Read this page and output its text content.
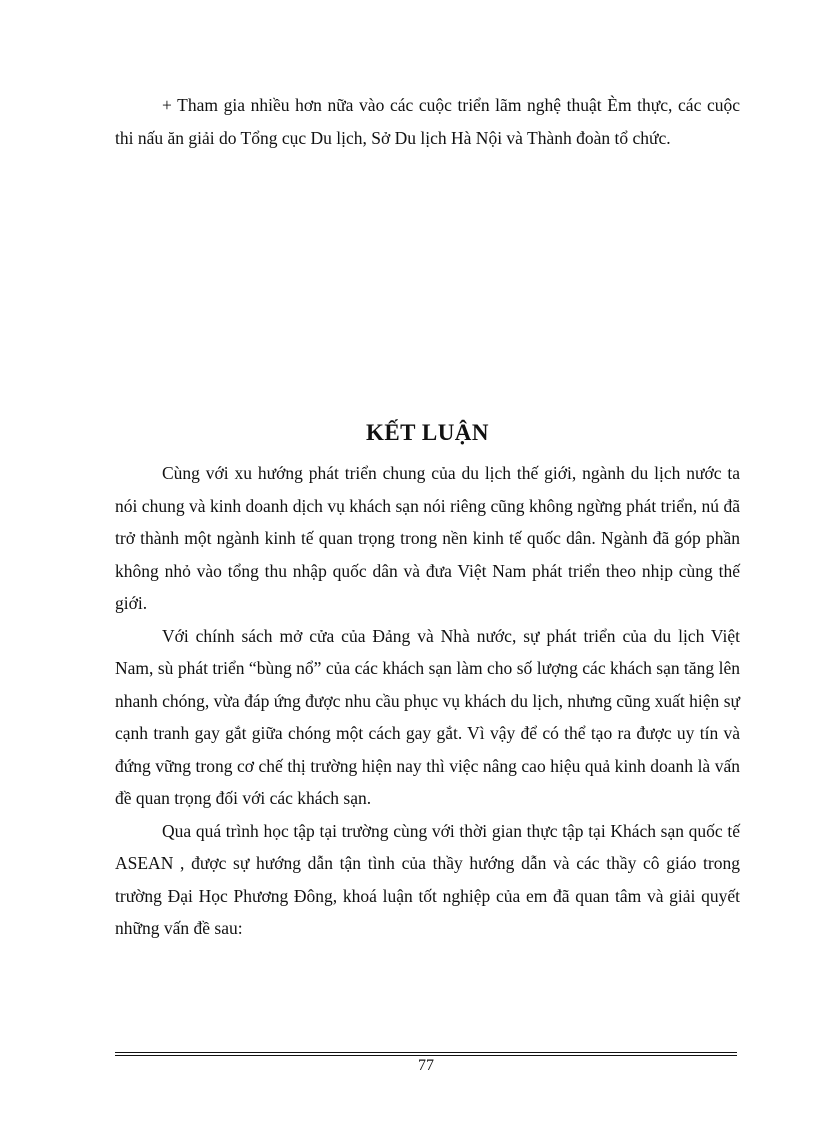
+ Tham gia nhiều hơn nữa vào các cuộc triển lãm nghệ thuật Èm thực, các cuộc thi nấu ăn giải do Tổng cục Du lịch, Sở Du lịch Hà Nội và Thành đoàn tổ chức.

KẾT LUẬN

Cùng với xu hướng phát triển chung của du lịch thế giới, ngành du lịch nước ta nói chung và kinh doanh dịch vụ khách sạn nói riêng cũng không ngừng phát triển, nú đã trở thành một ngành kinh tế quan trọng trong nền kinh tế quốc dân. Ngành đã góp phần không nhỏ vào tổng thu nhập quốc dân và đưa Việt Nam phát triển theo nhịp cùng thế giới.

Với chính sách mở cửa của Đảng và Nhà nước, sự phát triển của du lịch Việt Nam, sù phát triển “bùng nổ” của các khách sạn làm cho số lượng các khách sạn tăng lên nhanh chóng, vừa đáp ứng được nhu cầu phục vụ khách du lịch, nhưng cũng xuất hiện sự cạnh tranh gay gắt giữa chóng một cách gay gắt. Vì vậy để có thể tạo ra được uy tín và đứng vững trong cơ chế thị trường hiện nay thì việc nâng cao hiệu quả kinh doanh là vấn đề quan trọng đối với các khách sạn.

Qua quá trình học tập tại trường cùng với thời gian thực tập tại Khách sạn quốc tế ASEAN , được sự hướng dẫn tận tình của thầy hướng dẫn và các thầy cô giáo trong trường Đại Học Phương Đông, khoá luận tốt nghiệp của em đã quan tâm và giải quyết những vấn đề sau:

77
